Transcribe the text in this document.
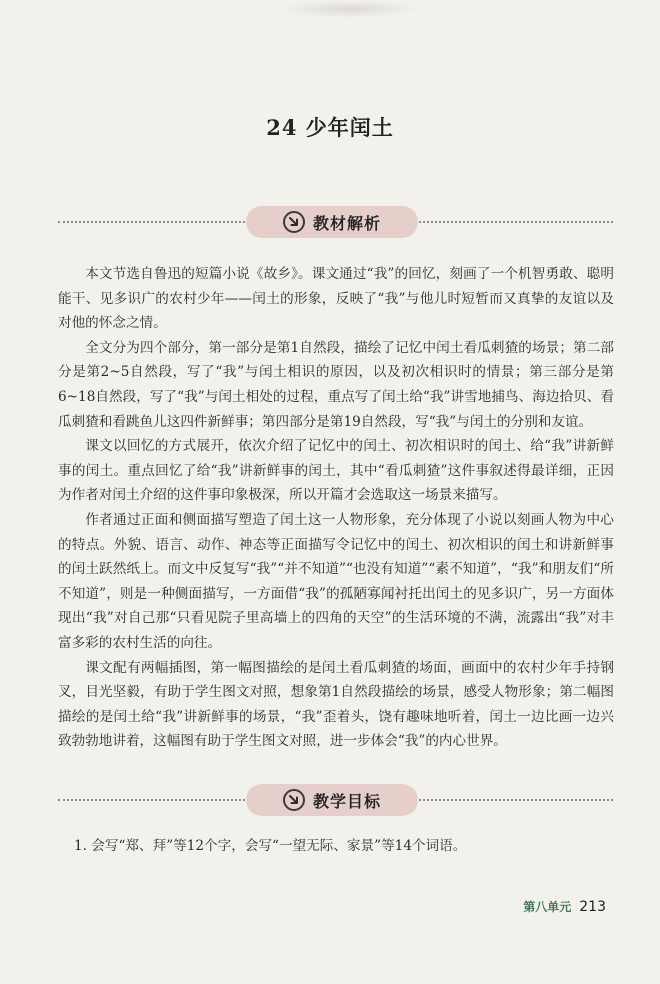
24 少年闰土
教材解析

本文节选自鲁迅的短篇小说《故乡》。课文通过“我”的回忆，刻画了一个机智勇敢、聪明能干、见多识广的农村少年——闰土的形象，反映了“我”与他儿时短暂而又真挚的友谊以及对他的怀念之情。

全文分为四个部分，第一部分是第1自然段，描绘了记忆中闰土看瓜刺猹的场景；第二部分是第2~5自然段，写了“我”与闰土相识的原因，以及初次相识时的情景；第三部分是第6~18自然段，写了“我”与闰土相处的过程，重点写了闰土给“我”讲雪地捕鸟、海边拾贝、看瓜刺猹和看跳鱼儿这四件新鲜事；第四部分是第19自然段，写“我”与闰土的分别和友谊。

课文以回忆的方式展开，依次介绍了记忆中的闰土、初次相识时的闰土、给“我”讲新鲜事的闰土。重点回忆了给“我”讲新鲜事的闰土，其中“看瓜刺猹”这件事叙述得最详细，正因为作者对闰土介绍的这件事印象极深，所以开篇才会选取这一场景来描写。

作者通过正面和侧面描写塑造了闰土这一人物形象，充分体现了小说以刻画人物为中心的特点。外貌、语言、动作、神态等正面描写令记忆中的闰土、初次相识的闰土和讲新鲜事的闰土跃然纸上。而文中反复写“我”“并不知道”“也没有知道”“素不知道”，“我”和朋友们“所不知道”，则是一种侧面描写，一方面借“我”的孤陋寡闻衬托出闰土的见多识广，另一方面体现出“我”对自己那“只看见院子里高墙上的四角的天空”的生活环境的不满，流露出“我”对丰富多彩的农村生活的向往。

课文配有两幅插图，第一幅图描绘的是闰土看瓜刺猹的场面，画面中的农村少年手持钢叉，目光坚毅，有助于学生图文对照，想象第1自然段描绘的场景，感受人物形象；第二幅图描绘的是闰土给“我”讲新鲜事的场景，“我”歪着头，饶有趣味地听着，闰土一边比画一边兴致勃勃地讲着，这幅图有助于学生图文对照，进一步体会“我”的内心世界。

教学目标
1. 会写“郑、拜”等12个字，会写“一望无际、家景”等14个词语。
第八单元 213
